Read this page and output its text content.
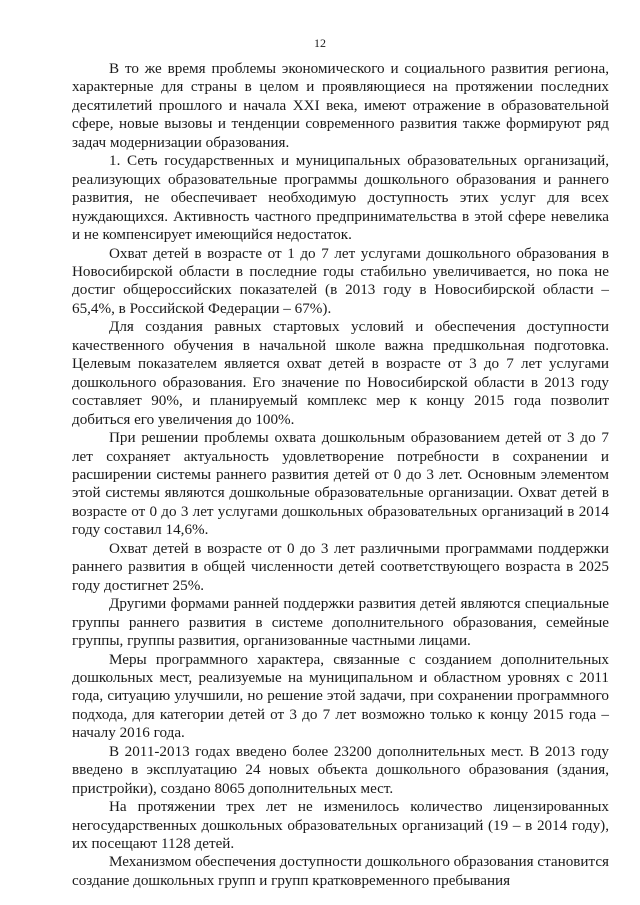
12

В то же время проблемы экономического и социального развития региона, характерные для страны в целом и проявляющиеся на протяжении последних десятилетий прошлого и начала XXI века, имеют отражение в образовательной сфере, новые вызовы и тенденции современного развития также формируют ряд задач модернизации образования.

1. Сеть государственных и муниципальных образовательных организаций, реализующих образовательные программы дошкольного образования и раннего развития, не обеспечивает необходимую доступность этих услуг для всех нуждающихся. Активность частного предпринимательства в этой сфере невелика и не компенсирует имеющийся недостаток.

Охват детей в возрасте от 1 до 7 лет услугами дошкольного образования в Новосибирской области в последние годы стабильно увеличивается, но пока не достиг общероссийских показателей (в 2013 году в Новосибирской области – 65,4%, в Российской Федерации – 67%).

Для создания равных стартовых условий и обеспечения доступности качественного обучения в начальной школе важна предшкольная подготовка. Целевым показателем является охват детей в возрасте от 3 до 7 лет услугами дошкольного образования. Его значение по Новосибирской области в 2013 году составляет 90%, и планируемый комплекс мер к концу 2015 года позволит добиться его увеличения до 100%.

При решении проблемы охвата дошкольным образованием детей от 3 до 7 лет сохраняет актуальность удовлетворение потребности в сохранении и расширении системы раннего развития детей от 0 до 3 лет. Основным элементом этой системы являются дошкольные образовательные организации. Охват детей в возрасте от 0 до 3 лет услугами дошкольных образовательных организаций в 2014 году составил 14,6%.

Охват детей в возрасте от 0 до 3 лет различными программами поддержки раннего развития в общей численности детей соответствующего возраста в 2025 году достигнет 25%.

Другими формами ранней поддержки развития детей являются специальные группы раннего развития в системе дополнительного образования, семейные группы, группы развития, организованные частными лицами.

Меры программного характера, связанные с созданием дополнительных дошкольных мест, реализуемые на муниципальном и областном уровнях с 2011 года, ситуацию улучшили, но решение этой задачи, при сохранении программного подхода, для категории детей от 3 до 7 лет возможно только к концу 2015 года – началу 2016 года.

В 2011-2013 годах введено более 23200 дополнительных мест. В 2013 году введено в эксплуатацию 24 новых объекта дошкольного образования (здания, пристройки), создано 8065 дополнительных мест.

На протяжении трех лет не изменилось количество лицензированных негосударственных дошкольных образовательных организаций (19 – в 2014 году), их посещают 1128 детей.

Механизмом обеспечения доступности дошкольного образования становится создание дошкольных групп и групп кратковременного пребывания
